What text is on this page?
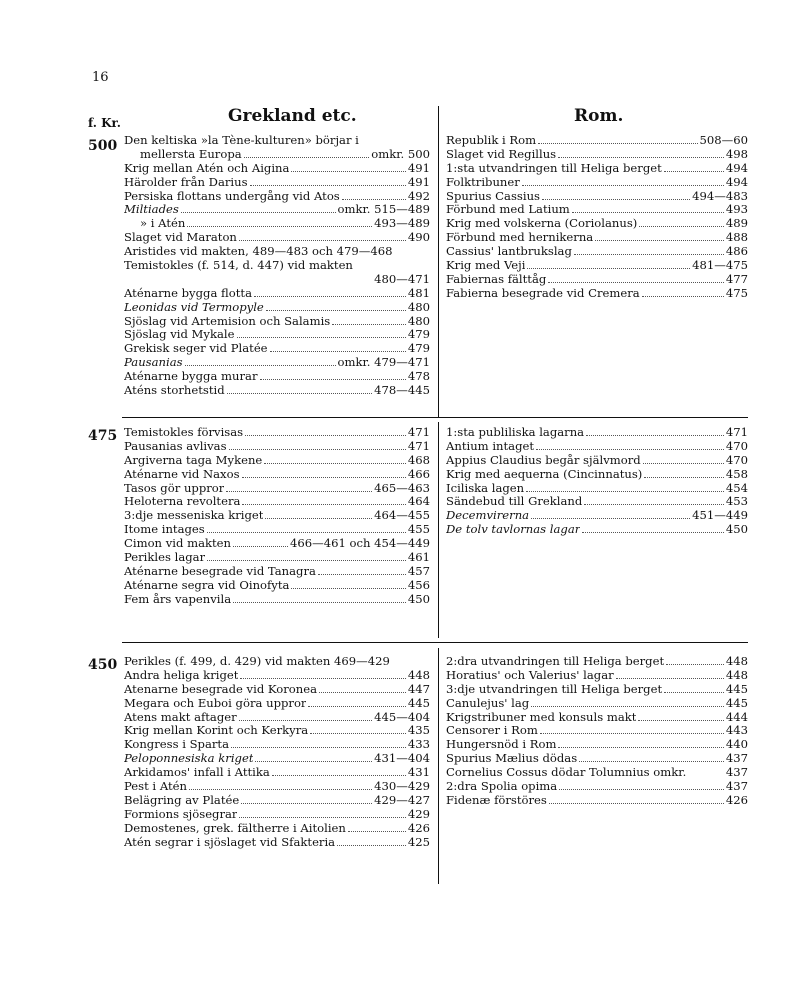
16
f. Kr.	Grekland etc.	Rom.
500
475
450
Den keltiska »la Tène-kulturen» börjar i
mellersta Europa	omkr. 500
Krig mellan Atén och Aigina	491
Härolder från Darius	491
Persiska flottans undergång vid Atos	492
Miltiades	omkr. 515—489
» i Atén	493—489
Slaget vid Maraton	490
Aristides vid makten, 489—483 och 479—468
Temistokles (f. 514, d. 447) vid makten
480—471
Aténarne bygga flotta	481
Leonidas vid Termopyle	480
Sjöslag vid Artemision och Salamis	480
Sjöslag vid Mykale	479
Grekisk seger vid Platée	479
Pausanias	omkr. 479—471
Aténarne bygga murar	478
Aténs storhetstid	478—445
Republik i Rom	508—60
Slaget vid Regillus	498
1:sta utvandringen till Heliga berget	494
Folktribuner	494
Spurius Cassius	494—483
Förbund med Latium	493
Krig med volskerna (Coriolanus)	489
Förbund med hernikerna	488
Cassius' lantbrukslag	486
Krig med Veji	481—475
Fabiernas fälttåg	477
Fabierna besegrade vid Cremera	475
Temistokles förvisas	471
Pausanias avlivas	471
Argiverna taga Mykene	468
Aténarne vid Naxos	466
Tasos gör uppror	465—463
Heloterna revoltera	464
3:dje messeniska kriget	464—455
Itome intages	455
Cimon vid makten	466—461 och 454—449
Perikles lagar	461
Aténarne besegrade vid Tanagra	457
Aténarne segra vid Oinofyta	456
Fem års vapenvila	450
1:sta publiliska lagarna	471
Antium intaget	470
Appius Claudius begår självmord	470
Krig med aequerna (Cincinnatus)	458
Iciliska lagen	454
Sändebud till Grekland	453
Decemvirerna	451—449
De tolv tavlornas lagar	450
Perikles (f. 499, d. 429) vid makten 469—429
Andra heliga kriget	448
Atenarne besegrade vid Koronea	447
Megara och Euboi göra uppror	445
Atens makt aftager	445—404
Krig mellan Korint och Kerkyra	435
Kongress i Sparta	433
Peloponnesiska kriget	431—404
Arkidamos' infall i Attika	431
Pest i Atén	430—429
Belägring av Platée	429—427
Formions sjösegrar	429
Demostenes, grek. fältherre i Aitolien	426
Atén segrar i sjöslaget vid Sfakteria	425
2:dra utvandringen till Heliga berget	448
Horatius' och Valerius' lagar	448
3:dje utvandringen till Heliga berget	445
Canulejus' lag	445
Krigstribuner med konsuls makt	444
Censorer i Rom	443
Hungersnöd i Rom	440
Spurius Mælius dödas	437
Cornelius Cossus dödar Tolumnius omkr.	437
2:dra Spolia opima	437
Fidenæ förstöres	426
